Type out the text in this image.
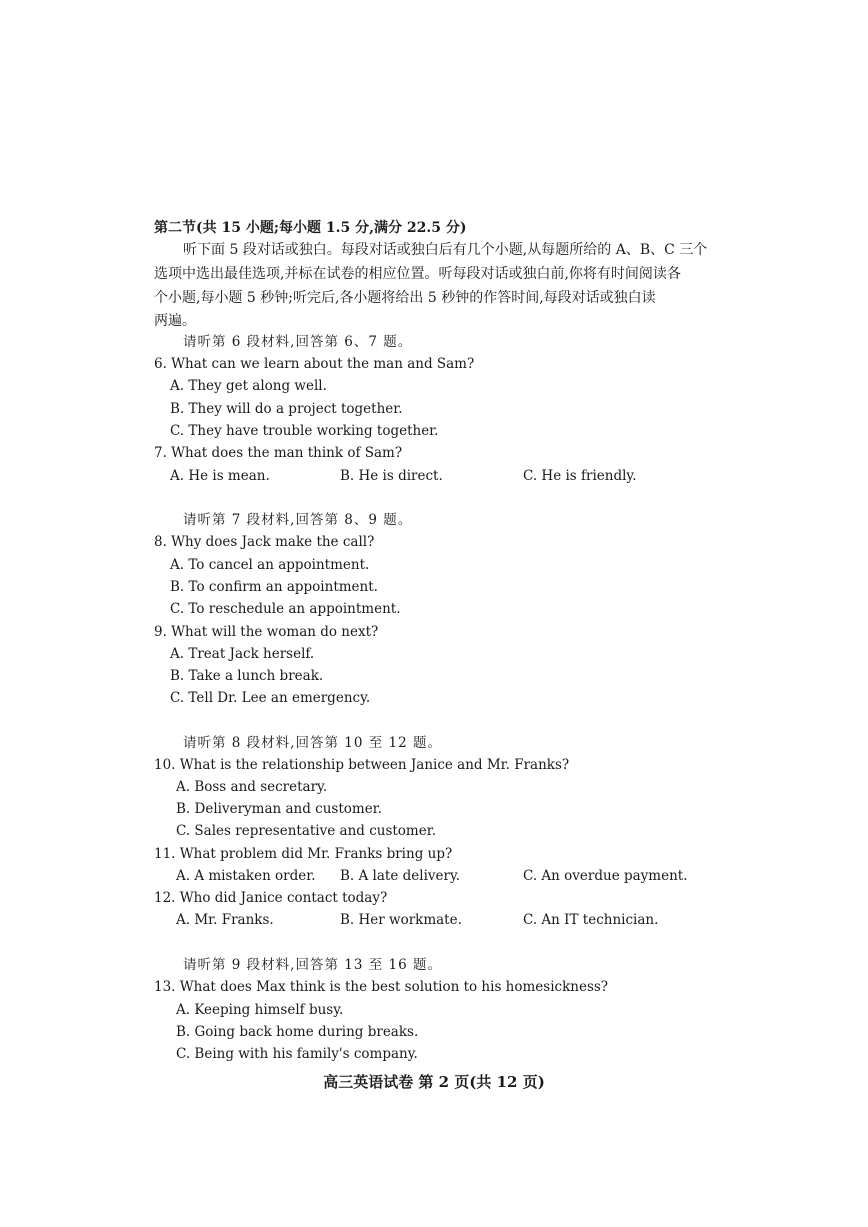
第二节(共 15 小题;每小题 1.5 分,满分 22.5 分)
听下面 5 段对话或独白。每段对话或独白后有几个小题,从每题所给的 A、B、C 三个
选项中选出最佳选项,并标在试卷的相应位置。听每段对话或独白前,你将有时间阅读各
个小题,每小题 5 秒钟;听完后,各小题将给出 5 秒钟的作答时间,每段对话或独白读
两遍。
请听第 6 段材料,回答第 6、7 题。
6. What can we learn about the man and Sam?
A. They get along well.
B. They will do a project together.
C. They have trouble working together.
7. What does the man think of Sam?
A. He is mean.	B. He is direct.	C. He is friendly.
请听第 7 段材料,回答第 8、9 题。
8. Why does Jack make the call?
A. To cancel an appointment.
B. To confirm an appointment.
C. To reschedule an appointment.
9. What will the woman do next?
A. Treat Jack herself.
B. Take a lunch break.
C. Tell Dr. Lee an emergency.
请听第 8 段材料,回答第 10 至 12 题。
10. What is the relationship between Janice and Mr. Franks?
A. Boss and secretary.
B. Deliveryman and customer.
C. Sales representative and customer.
11. What problem did Mr. Franks bring up?
A. A mistaken order. B. A late delivery.	C. An overdue payment.
12. Who did Janice contact today?
A. Mr. Franks.	B. Her workmate.	C. An IT technician.
请听第 9 段材料,回答第 13 至 16 题。
13. What does Max think is the best solution to his homesickness?
A. Keeping himself busy.
B. Going back home during breaks.
C. Being with his family's company.
高三英语试卷 第 2 页(共 12 页)
